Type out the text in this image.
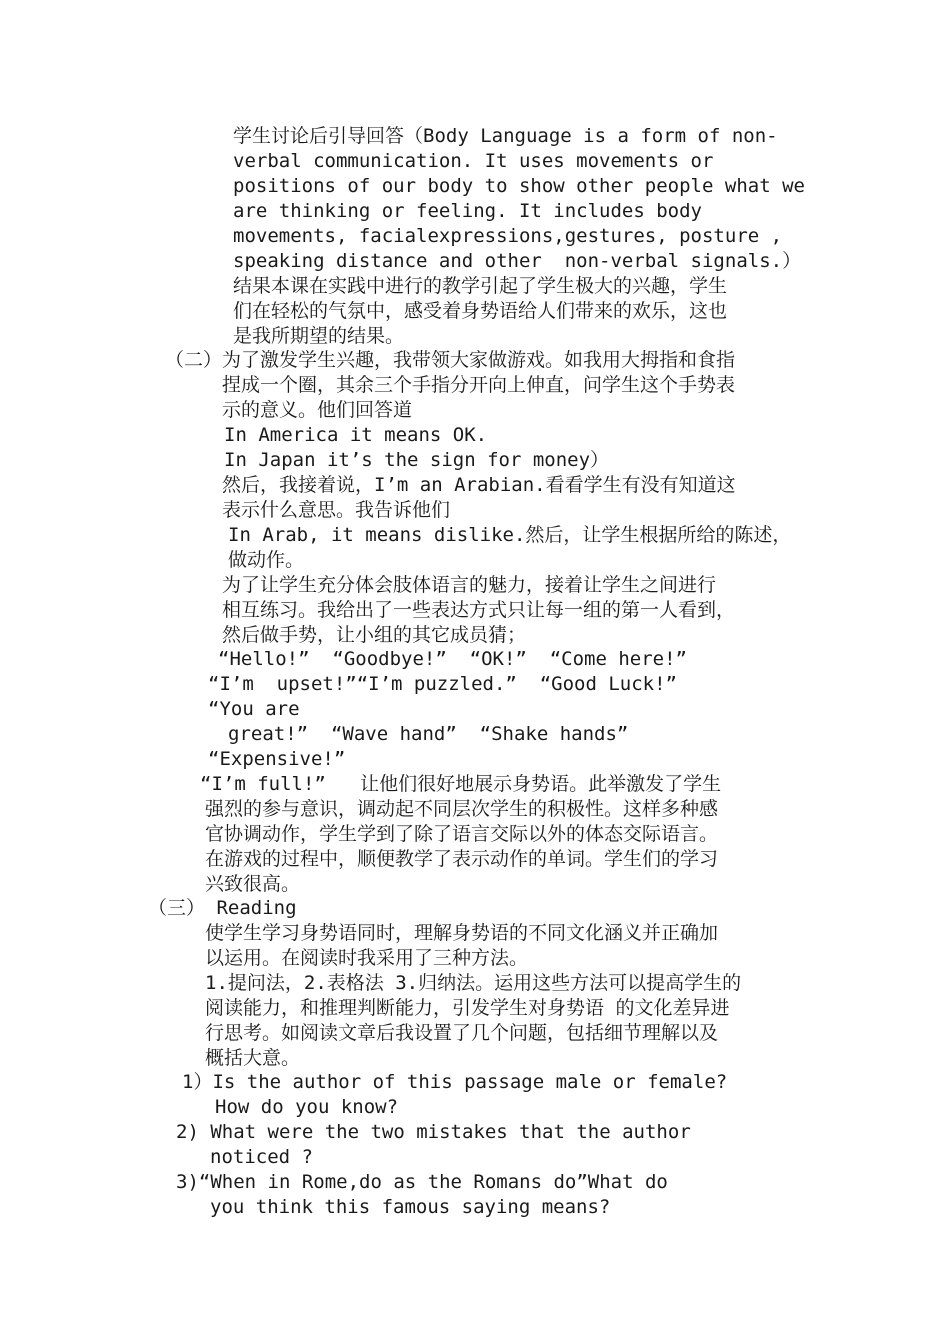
学生讨论后引导回答（Body Language is a form of non-
verbal communication. It uses movements or
positions of our body to show other people what we
are thinking or feeling. It includes body
movements, facialexpressions,gestures, posture ,
speaking distance and other  non-verbal signals.）
结果本课在实践中进行的教学引起了学生极大的兴趣，学生
们在轻松的气氛中，感受着身势语给人们带来的欢乐，这也
是我所期望的结果。
（二）为了激发学生兴趣，我带领大家做游戏。如我用大拇指和食指
捏成一个圈，其余三个手指分开向上伸直，问学生这个手势表
示的意义。他们回答道
In America it means OK.
In Japan it’s the sign for money）
然后，我接着说，I’m an Arabian.看看学生有没有知道这
表示什么意思。我告诉他们
In Arab, it means dislike.然后，让学生根据所给的陈述，
做动作。
为了让学生充分体会肢体语言的魅力，接着让学生之间进行
相互练习。我给出了一些表达方式只让每一组的第一人看到，
然后做手势，让小组的其它成员猜；
“Hello!”  “Goodbye!”  “OK!”  “Come here!”
“I’m  upset!”“I’m puzzled.”  “Good Luck!”
“You are
great!”  “Wave hand”  “Shake hands”
“Expensive!”
“I’m full!”   让他们很好地展示身势语。此举激发了学生
强烈的参与意识，调动起不同层次学生的积极性。这样多种感
官协调动作，学生学到了除了语言交际以外的体态交际语言。
在游戏的过程中，顺便教学了表示动作的单词。学生们的学习
兴致很高。
（三） Reading
使学生学习身势语同时，理解身势语的不同文化涵义并正确加
以运用。在阅读时我采用了三种方法。
1.提问法，2.表格法 3.归纳法。运用这些方法可以提高学生的
阅读能力，和推理判断能力，引发学生对身势语 的文化差异进
行思考。如阅读文章后我设置了几个问题，包括细节理解以及
概括大意。
1）Is the author of this passage male or female?
How do you know?
2) What were the two mistakes that the author
noticed ?
3)“When in Rome,do as the Romans do”What do
you think this famous saying means?
